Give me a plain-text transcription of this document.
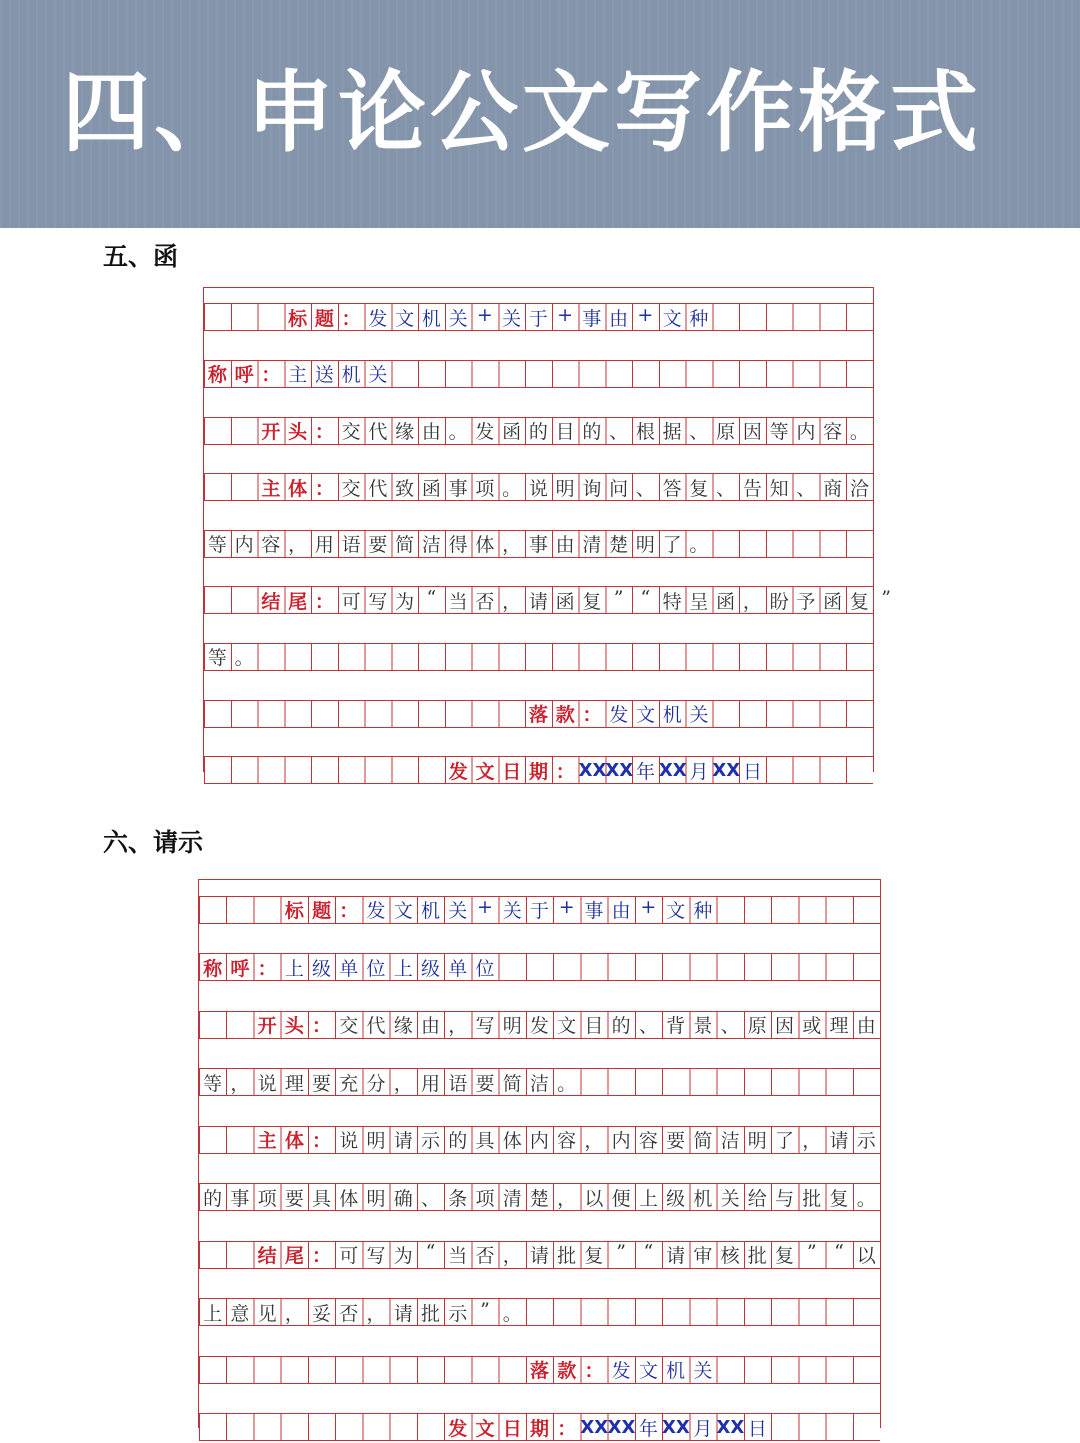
四、申论公文写作格式
五、函
标 题 ： 发 文 机 关 + 关 于 + 事 由 + 文 种
称 呼 ： 主 送 机 关
开 头 ： 交 代 缘 由 。 发 函 的 目 的 、 根 据 、 原 因 等 内 容 。
主 体 ： 交 代 致 函 事 项 。 说 明 询 问 、 答 复 、 告 知 、 商 洽
等 内 容 ， 用 语 要 简 洁 得 体 ， 事 由 清 楚 明 了 。
结 尾 ： 可 写 为 “ 当 否 ， 请 函 复 ” “ 特 呈 函 ， 盼 予 函 复 ”
等 。
落 款 ： 发 文 机 关
发 文 日 期 ： XX
XX 年 XX 月 XX 日
六、请示
标 题 ： 发 文 机 关 + 关 于 + 事 由 + 文 种
称 呼 ： 上 级 单 位 上 级 单 位
开 头 ： 交 代 缘 由 ， 写 明 发 文 目 的 、 背 景 、 原 因 或 理 由
等 ， 说 理 要 充 分 ， 用 语 要 简 洁 。
主 体 ： 说 明 请 示 的 具 体 内 容 ， 内 容 要 简 洁 明 了 ， 请 示
的 事 项 要 具 体 明 确 、 条 项 清 楚 ， 以 便 上 级 机 关 给 与 批 复 。
结 尾 ： 可 写 为 “ 当 否 ， 请 批 复 ” “ 请 审 核 批 复 ” “ 以
上 意 见 ， 妥 否 ， 请 批 示 ” 。
落 款 ： 发 文 机 关
发 文 日 期 ： XX XX 年 XX 月 XX 日
